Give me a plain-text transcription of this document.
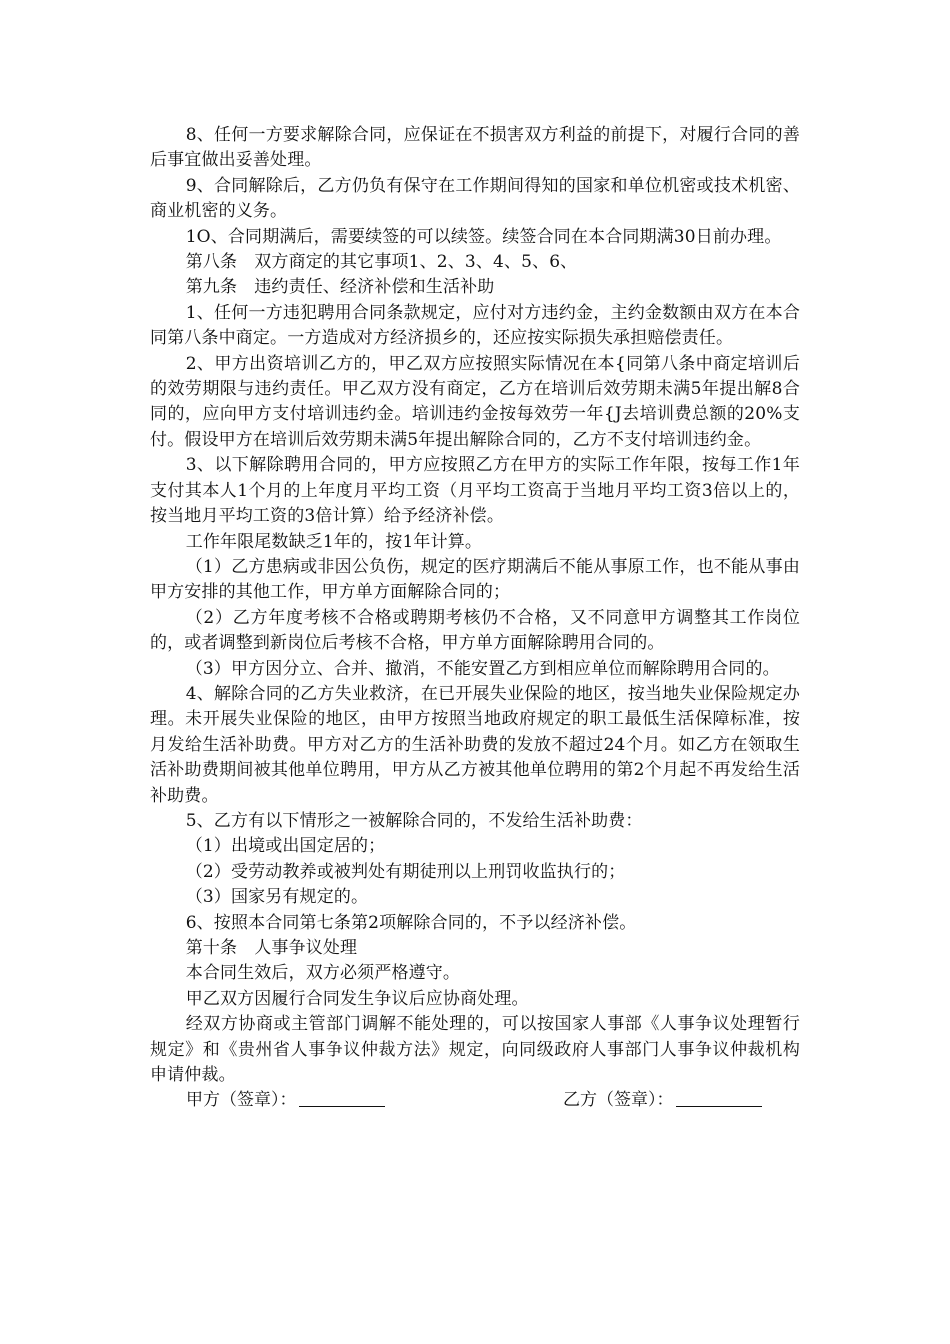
8、任何一方要求解除合同，应保证在不损害双方利益的前提下，对履行合同的善后事宜做出妥善处理。

9、合同解除后，乙方仍负有保守在工作期间得知的国家和单位机密或技术机密、商业机密的义务。

1O、合同期满后，需要续签的可以续签。续签合同在本合同期满30日前办理。

第八条　双方商定的其它事项1、2、3、4、5、6、

第九条　违约责任、经济补偿和生活补助

1、任何一方违犯聘用合同条款规定，应付对方违约金，主约金数额由双方在本合同第八条中商定。一方造成对方经济损乡的，还应按实际损失承担赔偿责任。

2、甲方出资培训乙方的，甲乙双方应按照实际情况在本{同第八条中商定培训后的效劳期限与违约责任。甲乙双方没有商定，乙方在培训后效劳期未满5年提出解8合同的，应向甲方支付培训违约金。培训违约金按每效劳一年{J去培训费总额的20%支付。假设甲方在培训后效劳期未满5年提出解除合同的，乙方不支付培训违约金。

3、以下解除聘用合同的，甲方应按照乙方在甲方的实际工作年限，按每工作1年支付其本人1个月的上年度月平均工资（月平均工资高于当地月平均工资3倍以上的，按当地月平均工资的3倍计算）给予经济补偿。

工作年限尾数缺乏1年的，按1年计算。

（1）乙方患病或非因公负伤，规定的医疗期满后不能从事原工作，也不能从事由甲方安排的其他工作，甲方单方面解除合同的；

（2）乙方年度考核不合格或聘期考核仍不合格，又不同意甲方调整其工作岗位的，或者调整到新岗位后考核不合格，甲方单方面解除聘用合同的。

（3）甲方因分立、合并、撤消，不能安置乙方到相应单位而解除聘用合同的。

4、解除合同的乙方失业救济，在已开展失业保险的地区，按当地失业保险规定办理。未开展失业保险的地区，由甲方按照当地政府规定的职工最低生活保障标准，按月发给生活补助费。甲方对乙方的生活补助费的发放不超过24个月。如乙方在领取生活补助费期间被其他单位聘用，甲方从乙方被其他单位聘用的第2个月起不再发给生活补助费。

5、乙方有以下情形之一被解除合同的，不发给生活补助费：

（1）出境或出国定居的；

（2）受劳动教养或被判处有期徒刑以上刑罚收监执行的；

（3）国家另有规定的。

6、按照本合同第七条第2项解除合同的，不予以经济补偿。

第十条　人事争议处理

本合同生效后，双方必须严格遵守。

甲乙双方因履行合同发生争议后应协商处理。

经双方协商或主管部门调解不能处理的，可以按国家人事部《人事争议处理暂行规定》和《贵州省人事争议仲裁方法》规定，向同级政府人事部门人事争议仲裁机构申请仲裁。

甲方（签章）：	乙方（签章）：
